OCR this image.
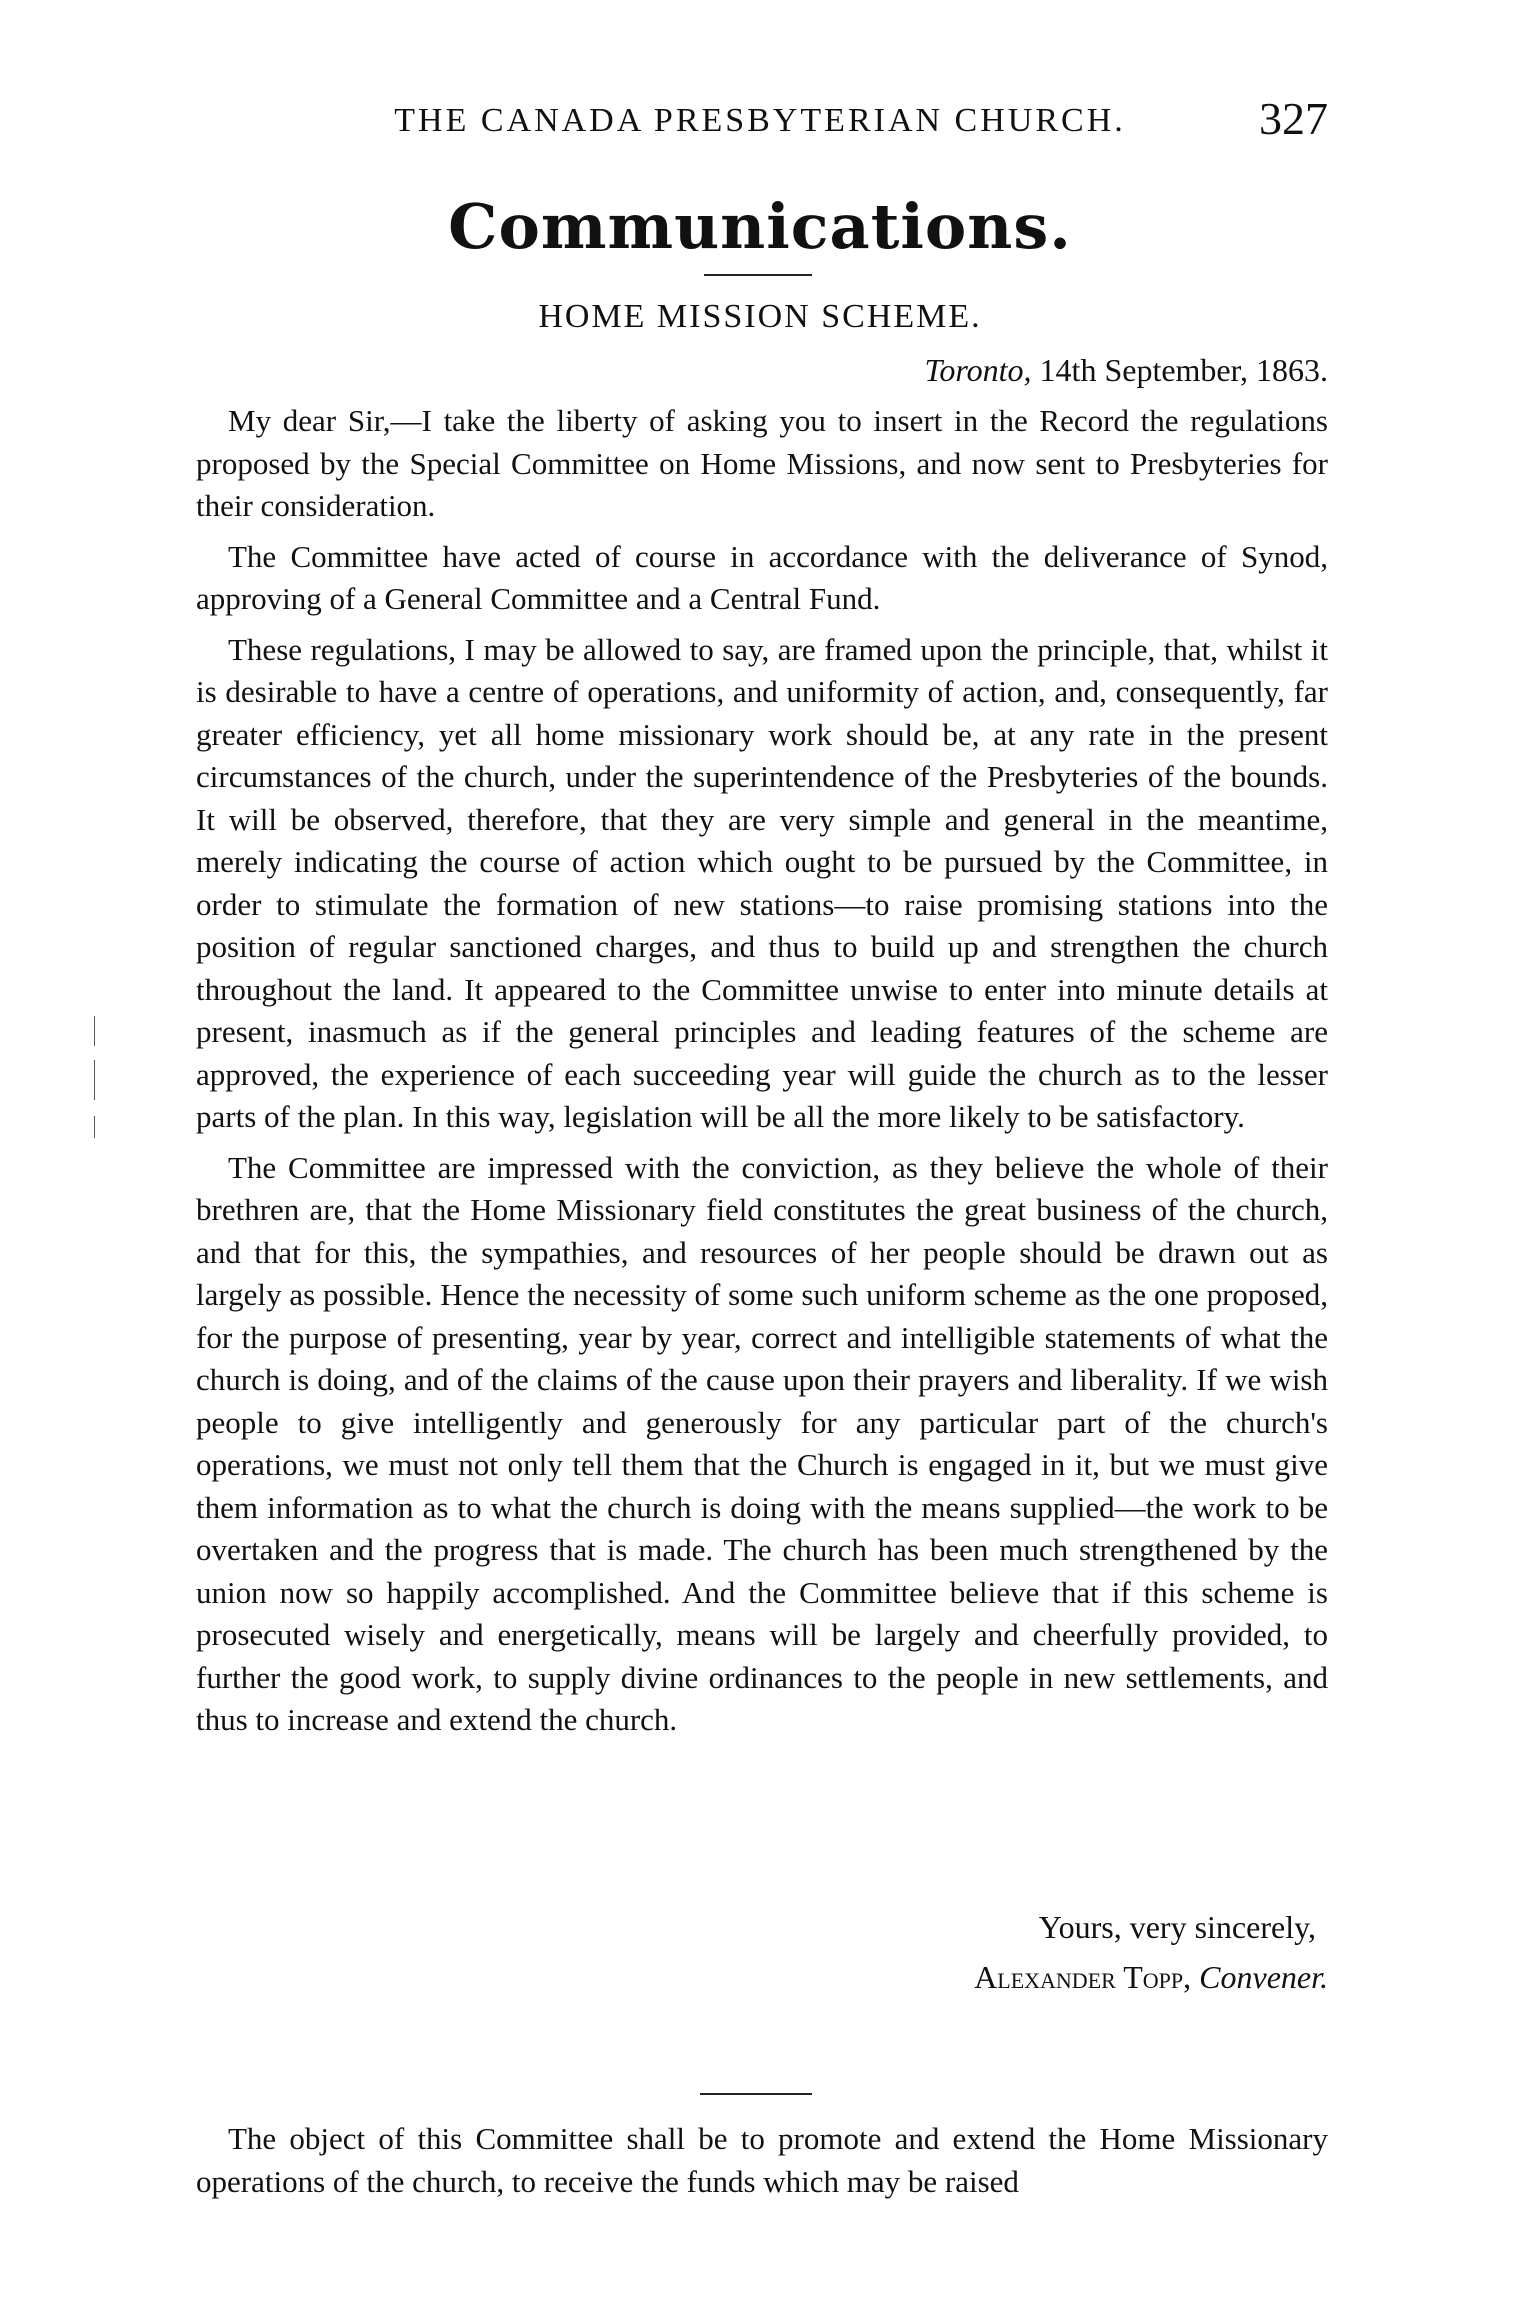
THE CANADA PRESBYTERIAN CHURCH.	327
Communications.
HOME MISSION SCHEME.
Toronto, 14th September, 1863.

My dear Sir,—I take the liberty of asking you to insert in the Record the regulations proposed by the Special Committee on Home Missions, and now sent to Presbyteries for their consideration.

The Committee have acted of course in accordance with the deliverance of Synod, approving of a General Committee and a Central Fund.

These regulations, I may be allowed to say, are framed upon the principle, that, whilst it is desirable to have a centre of operations, and uniformity of action, and, consequently, far greater efficiency, yet all home missionary work should be, at any rate in the present circumstances of the church, under the superintendence of the Presbyteries of the bounds. It will be observed, therefore, that they are very simple and general in the meantime, merely indicating the course of action which ought to be pursued by the Committee, in order to stimulate the formation of new stations—to raise promising stations into the position of regular sanctioned charges, and thus to build up and strengthen the church throughout the land. It appeared to the Committee unwise to enter into minute details at present, inasmuch as if the general principles and leading features of the scheme are approved, the experience of each succeeding year will guide the church as to the lesser parts of the plan. In this way, legislation will be all the more likely to be satisfactory.

The Committee are impressed with the conviction, as they believe the whole of their brethren are, that the Home Missionary field constitutes the great business of the church, and that for this, the sympathies, and resources of her people should be drawn out as largely as possible. Hence the necessity of some such uniform scheme as the one proposed, for the purpose of presenting, year by year, correct and intelligible statements of what the church is doing, and of the claims of the cause upon their prayers and liberality. If we wish people to give intelligently and generously for any particular part of the church's operations, we must not only tell them that the Church is engaged in it, but we must give them information as to what the church is doing with the means supplied—the work to be overtaken and the progress that is made. The church has been much strengthened by the union now so happily accomplished. And the Committee believe that if this scheme is prosecuted wisely and energetically, means will be largely and cheerfully provided, to further the good work, to supply divine ordinances to the people in new settlements, and thus to increase and extend the church.

Yours, very sincerely,
Alexander Topp, Convener.

The object of this Committee shall be to promote and extend the Home Missionary operations of the church, to receive the funds which may be raised
